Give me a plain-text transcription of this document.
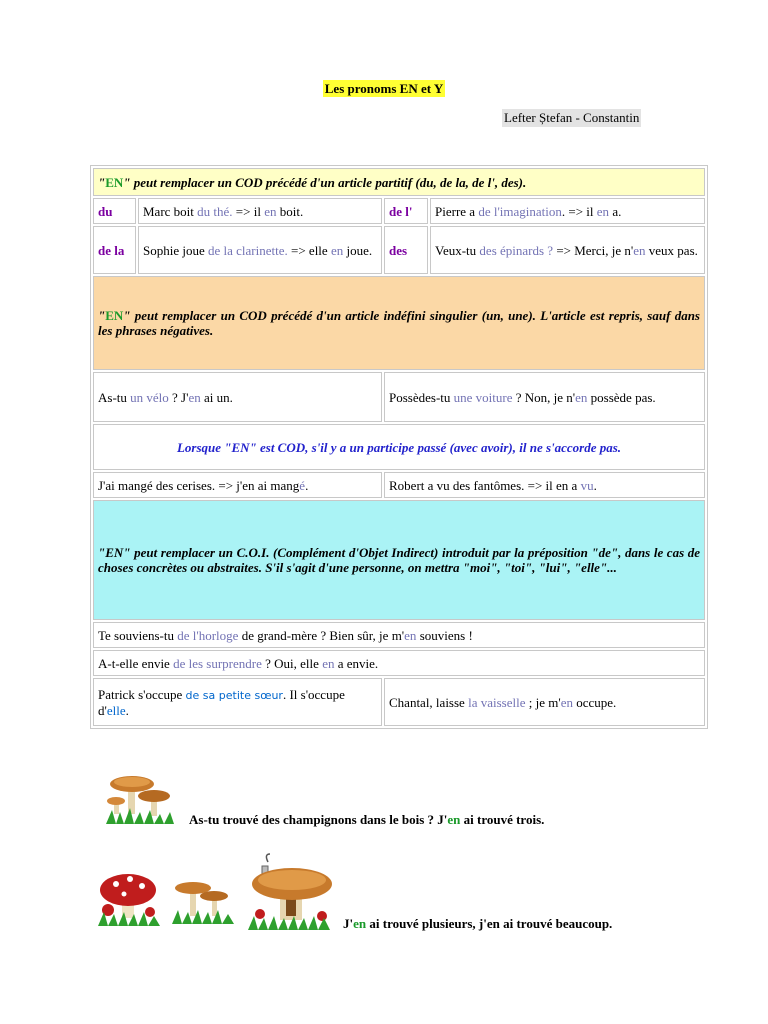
Les pronoms EN et Y
Lefter Ștefan - Constantin
"EN" peut remplacer un COD précédé d'un article partitif (du, de la, de l', des).			
du	Marc boit du thé. => il en boit.	de l'	Pierre a de l'imagination. => il en a.
de la	Sophie joue de la clarinette. => elle en joue.	des	Veux-tu des épinards ? => Merci, je n'en veux pas.
"EN" peut remplacer un COD précédé d'un article indéfini singulier (un, une). L'article est repris, sauf dans les phrases négatives.			
As-tu un vélo ? J'en ai un.		Possèdes-tu une voiture ? Non, je n'en possède pas.	
Lorsque "EN" est COD, s'il y a un participe passé (avec avoir), il ne s'accorde pas.			
J'ai mangé des cerises. => j'en ai mangé.		Robert a vu des fantômes. => il en a vu.	
"EN" peut remplacer un C.O.I. (Complément d'Objet Indirect) introduit par la préposition "de", dans le cas de choses concrètes ou abstraites. S'il s'agit d'une personne, on mettra "moi", "toi", "lui", "elle"...			
Te souviens-tu de l'horloge de grand-mère ? Bien sûr, je m'en souviens !			
A-t-elle envie de les surprendre ? Oui, elle en a envie.			
Patrick s'occupe de sa petite sœur. Il s'occupe d'elle.		Chantal, laisse la vaisselle ; je m'en occupe.	
As-tu trouvé des champignons dans le bois ? J'en ai trouvé trois.
J'en ai trouvé plusieurs, j'en ai trouvé beaucoup.
